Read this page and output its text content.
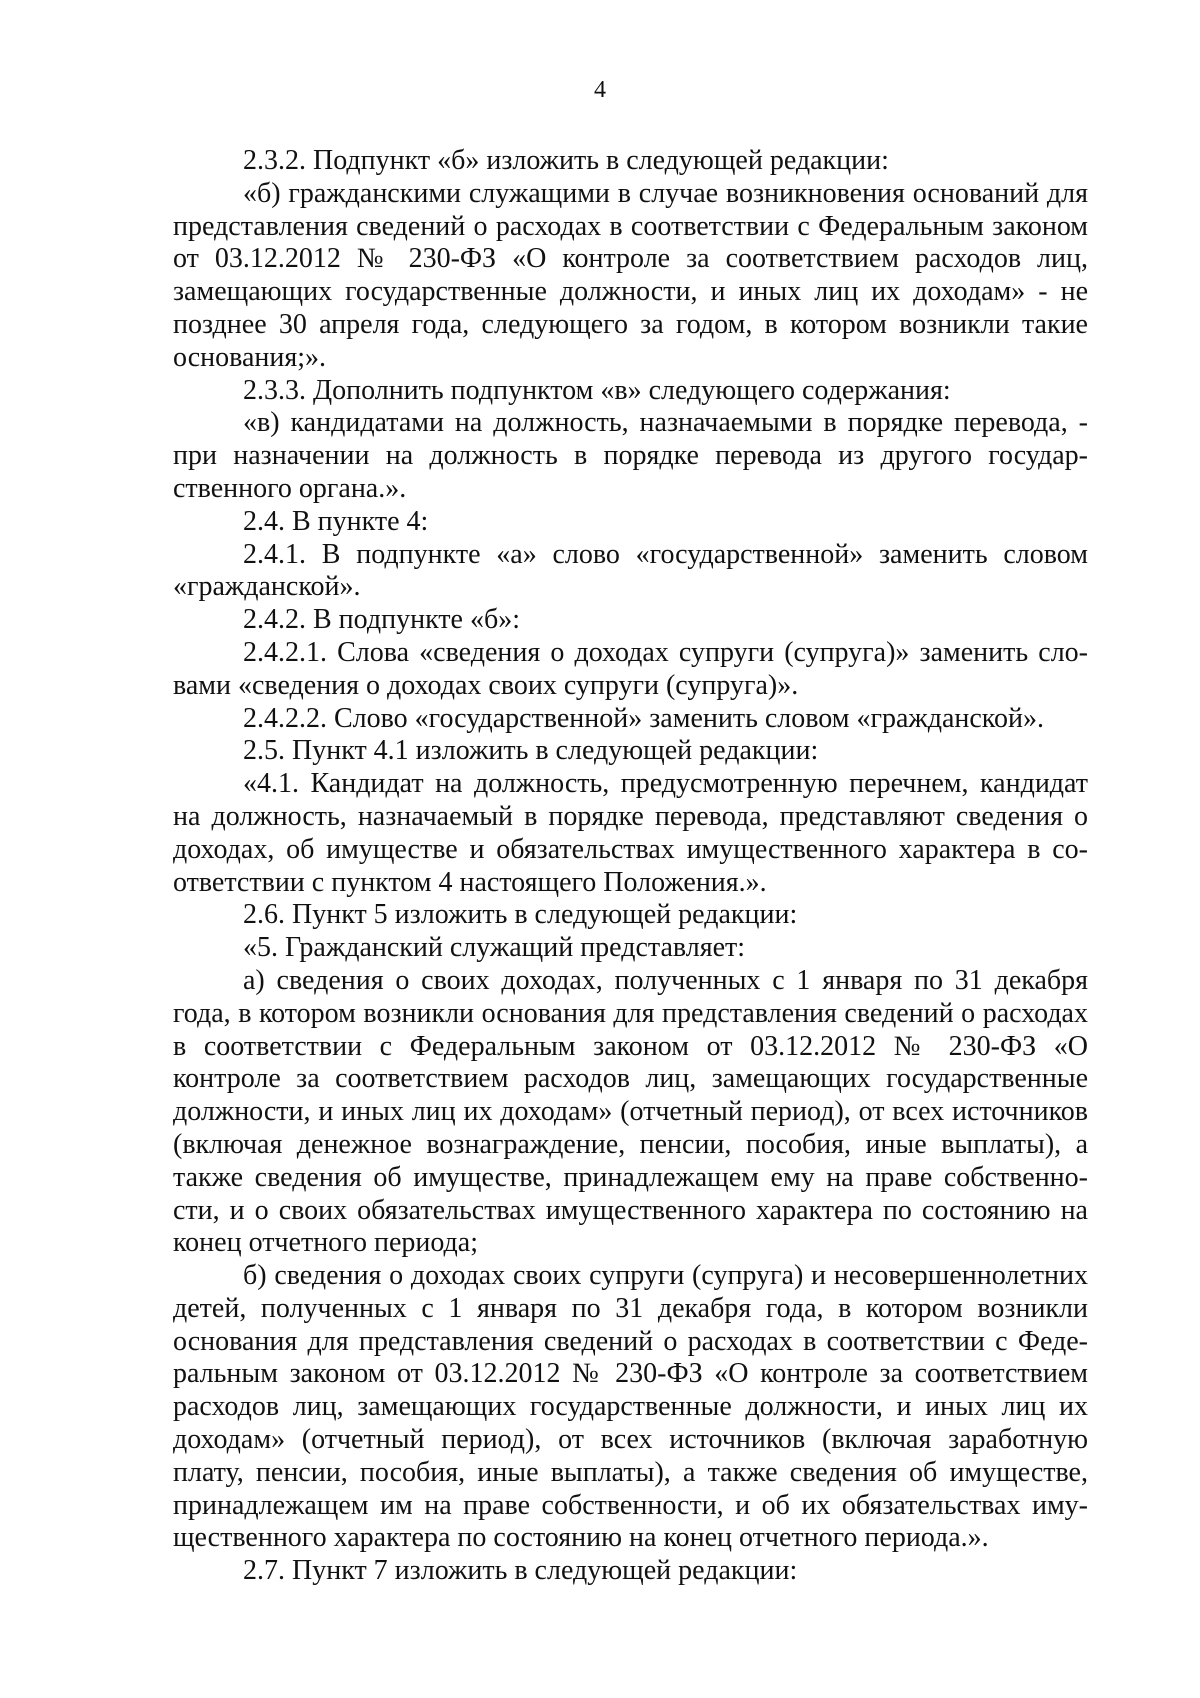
4

2.3.2. Подпункт «б» изложить в следующей редакции:

«б) гражданскими служащими в случае возникновения оснований для представления сведений о расходах в соответствии с Федеральным законом от 03.12.2012 № 230-ФЗ «О контроле за соответствием расходов лиц, замещающих государственные должности, и иных лиц их доходам» - не позднее 30 апреля года, следующего за годом, в котором возникли такие основания;».

2.3.3. Дополнить подпунктом «в» следующего содержания:

«в) кандидатами на должность, назначаемыми в порядке перевода, - при назначении на должность в порядке перевода из другого государственного органа.».

2.4. В пункте 4:

2.4.1. В подпункте «а» слово «государственной» заменить словом «гражданской».

2.4.2. В подпункте «б»:

2.4.2.1. Слова «сведения о доходах супруги (супруга)» заменить словами «сведения о доходах своих супруги (супруга)».

2.4.2.2. Слово «государственной» заменить словом «гражданской».

2.5. Пункт 4.1 изложить в следующей редакции:

«4.1. Кандидат на должность, предусмотренную перечнем, кандидат на должность, назначаемый в порядке перевода, представляют сведения о доходах, об имуществе и обязательствах имущественного характера в соответствии с пунктом 4 настоящего Положения.».

2.6. Пункт 5 изложить в следующей редакции:

«5. Гражданский служащий представляет:

а) сведения о своих доходах, полученных с 1 января по 31 декабря года, в котором возникли основания для представления сведений о расходах в соответствии с Федеральным законом от 03.12.2012 № 230-ФЗ «О контроле за соответствием расходов лиц, замещающих государственные должности, и иных лиц их доходам» (отчетный период), от всех источников (включая денежное вознаграждение, пенсии, пособия, иные выплаты), а также сведения об имуществе, принадлежащем ему на праве собственности, и о своих обязательствах имущественного характера по состоянию на конец отчетного периода;

б) сведения о доходах своих супруги (супруга) и несовершеннолетних детей, полученных с 1 января по 31 декабря года, в котором возникли основания для представления сведений о расходах в соответствии с Федеральным законом от 03.12.2012 № 230-ФЗ «О контроле за соответствием расходов лиц, замещающих государственные должности, и иных лиц их доходам» (отчетный период), от всех источников (включая заработную плату, пенсии, пособия, иные выплаты), а также сведения об имуществе, принадлежащем им на праве собственности, и об их обязательствах имущественного характера по состоянию на конец отчетного периода.».

2.7. Пункт 7 изложить в следующей редакции:
